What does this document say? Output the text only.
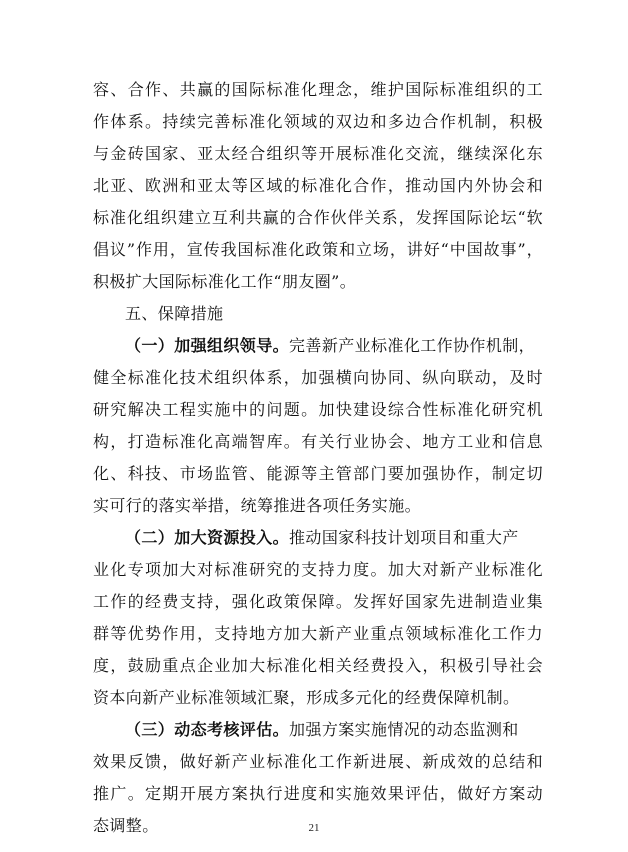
容、合作、共赢的国际标准化理念，维护国际标准组织的工
作体系。持续完善标准化领域的双边和多边合作机制，积极
与金砖国家、亚太经合组织等开展标准化交流，继续深化东
北亚、欧洲和亚太等区域的标准化合作，推动国内外协会和
标准化组织建立互利共赢的合作伙伴关系，发挥国际论坛“软
倡议”作用，宣传我国标准化政策和立场，讲好“中国故事”，
积极扩大国际标准化工作“朋友圈”。
五、保障措施
（一）加强组织领导。完善新产业标准化工作协作机制，
健全标准化技术组织体系，加强横向协同、纵向联动，及时
研究解决工程实施中的问题。加快建设综合性标准化研究机
构，打造标准化高端智库。有关行业协会、地方工业和信息
化、科技、市场监管、能源等主管部门要加强协作，制定切
实可行的落实举措，统筹推进各项任务实施。
（二）加大资源投入。推动国家科技计划项目和重大产
业化专项加大对标准研究的支持力度。加大对新产业标准化
工作的经费支持，强化政策保障。发挥好国家先进制造业集
群等优势作用，支持地方加大新产业重点领域标准化工作力
度，鼓励重点企业加大标准化相关经费投入，积极引导社会
资本向新产业标准领域汇聚，形成多元化的经费保障机制。
（三）动态考核评估。加强方案实施情况的动态监测和
效果反馈，做好新产业标准化工作新进展、新成效的总结和
推广。定期开展方案执行进度和实施效果评估，做好方案动
态调整。	21
